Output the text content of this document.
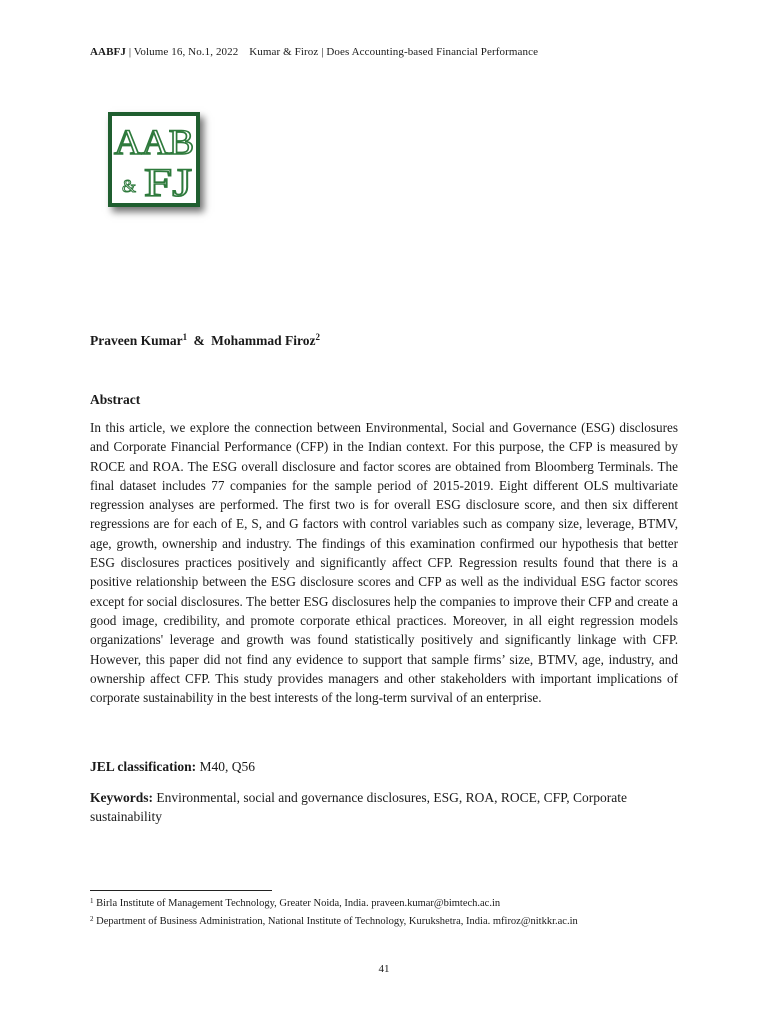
AABFJ | Volume 16, No.1, 2022 Kumar & Firoz | Does Accounting-based Financial Performance
AAB
& FJ
Praveen Kumar$^1$ & Mohammad Firoz$^2$
Abstract

In this article, we explore the connection between Environmental, Social and Governance (ESG) disclosures and Corporate Financial Performance (CFP) in the Indian context. For this purpose, the CFP is measured by ROCE and ROA. The ESG overall disclosure and factor scores are obtained from Bloomberg Terminals. The final dataset includes 77 companies for the sample period of 2015-2019. Eight different OLS multivariate regression analyses are performed. The first two is for overall ESG disclosure score, and then six different regressions are for each of E, S, and G factors with control variables such as company size, leverage, BTMV, age, growth, ownership and industry. The findings of this examination confirmed our hypothesis that better ESG disclosures practices positively and significantly affect CFP. Regression results found that there is a positive relationship between the ESG disclosure scores and CFP as well as the individual ESG factor scores except for social disclosures. The better ESG disclosures help the companies to improve their CFP and create a good image, credibility, and promote corporate ethical practices. Moreover, in all eight regression models organizations' leverage and growth was found statistically positively and significantly linkage with CFP. However, this paper did not find any evidence to support that sample firms’ size, BTMV, age, industry, and ownership affect CFP. This study provides managers and other stakeholders with important implications of corporate sustainability in the best interests of the long-term survival of an enterprise.

JEL classification: M40, Q56
Keywords: Environmental, social and governance disclosures, ESG, ROA, ROCE, CFP, Corporate sustainability
$^1$ Birla Institute of Management Technology, Greater Noida, India. praveen.kumar@bimtech.ac.in
$^2$ Department of Business Administration, National Institute of Technology, Kurukshetra, India. mfiroz@nitkkr.ac.in
41
